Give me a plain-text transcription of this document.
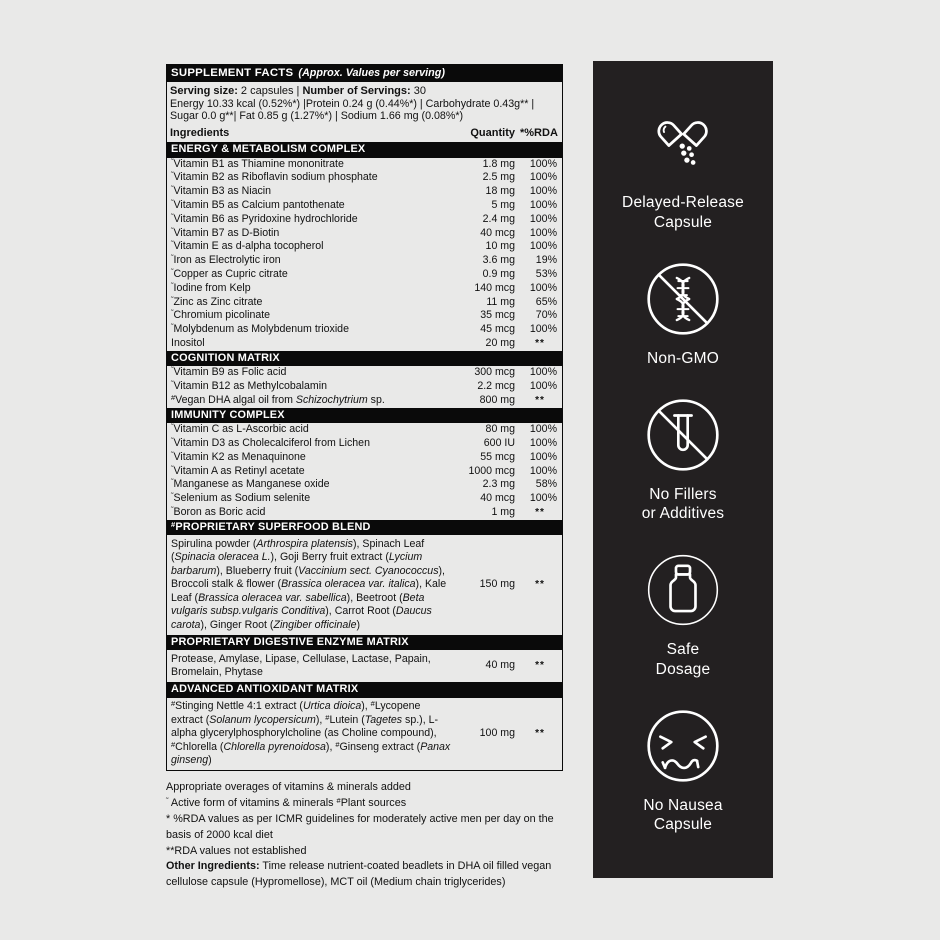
SUPPLEMENT FACTS (Approx. Values per serving)
Serving size: 2 capsules | Number of Servings: 30
Energy 10.33 kcal (0.52%*) |Protein 0.24 g (0.44%*) | Carbohydrate 0.43g** | Sugar 0.0 g**| Fat 0.85 g (1.27%*) | Sodium 1.66 mg (0.08%*)
Ingredients	Quantity *%RDA
ENERGY & METABOLISM COMPLEX
˜Vitamin B1 as Thiamine mononitrate	1.8 mg	100%
˜Vitamin B2 as Riboflavin sodium phosphate	2.5 mg	100%
˜Vitamin B3 as Niacin	18 mg	100%
˜Vitamin B5 as Calcium pantothenate	5 mg	100%
˜Vitamin B6 as Pyridoxine hydrochloride	2.4 mg	100%
˜Vitamin B7 as D-Biotin	40 mcg	100%
˜Vitamin E as d-alpha tocopherol	10 mg	100%
˜Iron as Electrolytic iron	3.6 mg	19%
˜Copper as Cupric citrate	0.9 mg	53%
˜Iodine from Kelp	140 mcg	100%
˜Zinc as Zinc citrate	11 mg	65%
˜Chromium picolinate	35 mcg	70%
˜Molybdenum as Molybdenum trioxide	45 mcg	100%
Inositol	20 mg	**
COGNITION MATRIX
˜Vitamin B9 as Folic acid	300 mcg	100%
˜Vitamin B12 as Methylcobalamin	2.2 mcg	100%
#Vegan DHA algal oil from Schizochytrium sp.	800 mg	**
IMMUNITY COMPLEX
˜Vitamin C as L-Ascorbic acid	80 mg	100%
˜Vitamin D3 as Cholecalciferol from Lichen	600 IU	100%
˜Vitamin K2 as Menaquinone	55 mcg	100%
˜Vitamin A as Retinyl acetate	1000 mcg	100%
˜Manganese as Manganese oxide	2.3 mg	58%
˜Selenium as Sodium selenite	40 mcg	100%
˜Boron as Boric acid	1 mg	**
#PROPRIETARY SUPERFOOD BLEND
Spirulina powder (Arthrospira platensis), Spinach Leaf (Spinacia oleracea L.), Goji Berry fruit extract (Lycium barbarum), Blueberry fruit (Vaccinium sect. Cyanococcus), Broccoli stalk & flower (Brassica oleracea var. italica), Kale Leaf (Brassica oleracea var. sabellica), Beetroot (Beta vulgaris subsp.vulgaris Conditiva), Carrot Root (Daucus carota), Ginger Root (Zingiber officinale)
150 mg	**
PROPRIETARY DIGESTIVE ENZYME MATRIX
Protease, Amylase, Lipase, Cellulase, Lactase, Papain, Bromelain, Phytase
40 mg	**
ADVANCED ANTIOXIDANT MATRIX
#Stinging Nettle 4:1 extract (Urtica dioica), #Lycopene extract (Solanum lycopersicum), #Lutein (Tagetes sp.), L-alpha glycerylphosphorylcholine (as Choline compound), #Chlorella (Chlorella pyrenoidosa), #Ginseng extract (Panax ginseng)
100 mg	**
Appropriate overages of vitamins & minerals added
˜ Active form of vitamins & minerals #Plant sources
* %RDA values as per ICMR guidelines for moderately active men per day on the basis of 2000 kcal diet
**RDA values not established
Other Ingredients: Time release nutrient-coated beadlets in DHA oil filled vegan cellulose capsule (Hypromellose), MCT oil (Medium chain triglycerides)
Delayed-Release
Capsule
Non-GMO
No Fillers
or Additives
Safe
Dosage
No Nausea
Capsule
